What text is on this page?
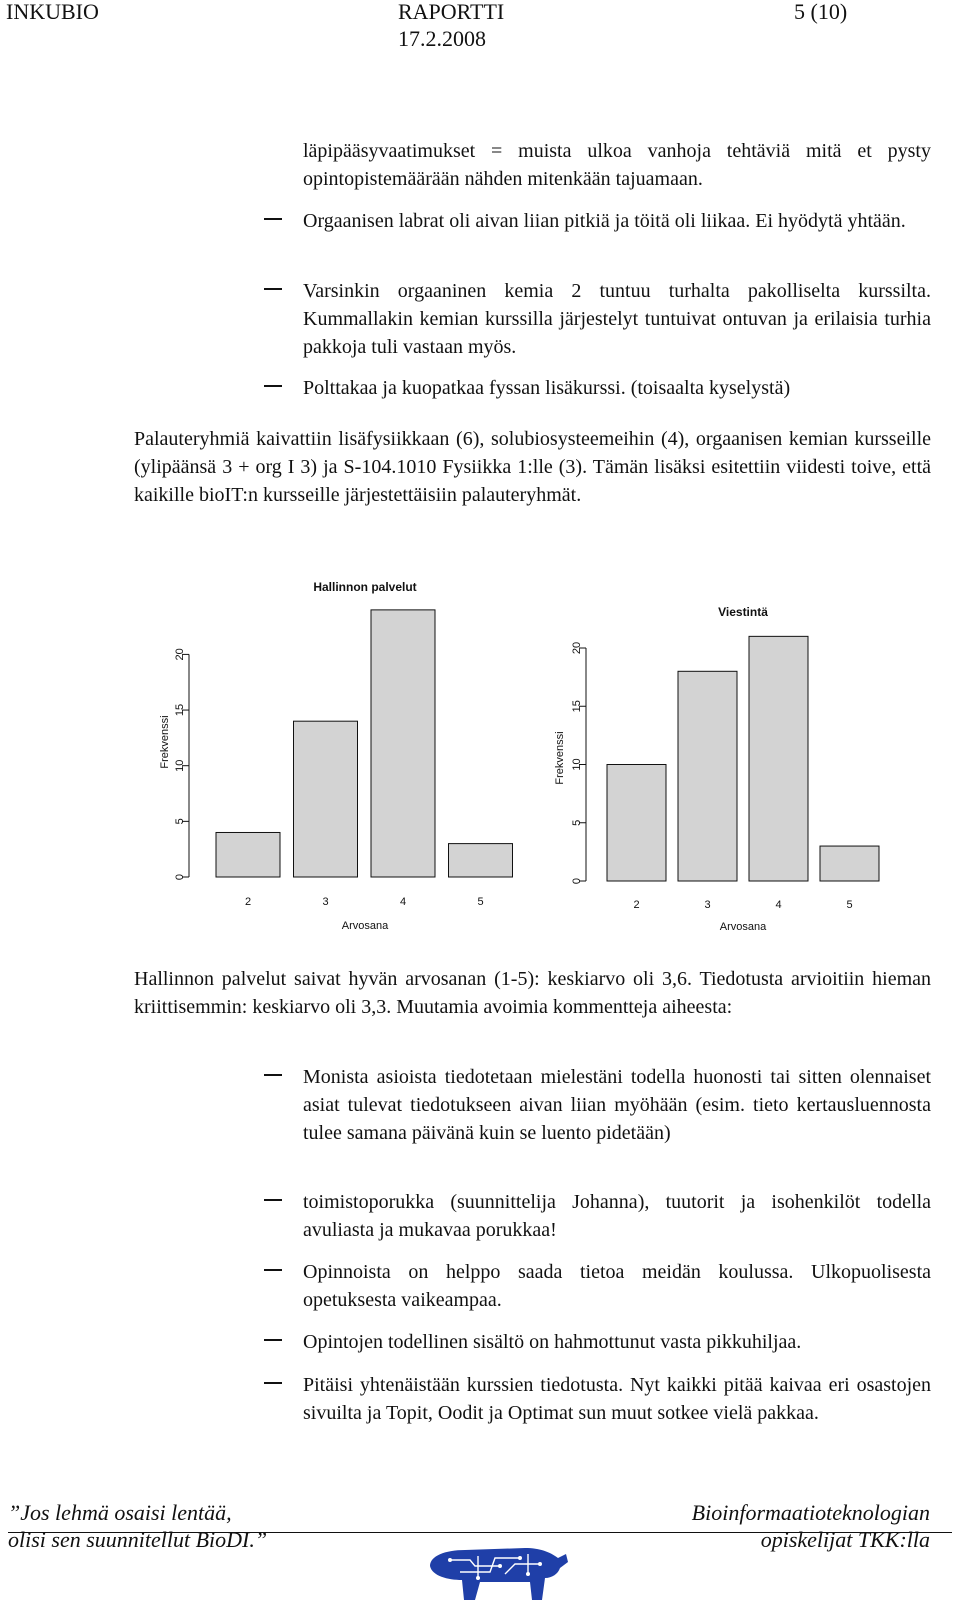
INKUBIO	RAPORTTI	5 (10)
17.2.2008
läpipääsyvaatimukset = muista ulkoa vanhoja tehtäviä mitä et pysty opintopistemäärään nähden mitenkään tajuamaan.
Orgaanisen labrat oli aivan liian pitkiä ja töitä oli liikaa. Ei hyödytä yhtään.
Varsinkin orgaaninen kemia 2 tuntuu turhalta pakolliselta kurssilta. Kummallakin kemian kurssilla järjestelyt tuntuivat ontuvan ja erilaisia turhia pakkoja tuli vastaan myös.
Polttakaa ja kuopatkaa fyssan lisäkurssi. (toisaalta kyselystä)
Palauteryhmiä kaivattiin lisäfysiikkaan (6), solubiosysteemeihin (4), orgaanisen kemian kursseille (ylipäänsä 3 + org I 3) ja S-104.1010 Fysiikka 1:lle (3). Tämän lisäksi esitettiin viidesti toive, että kaikille bioIT:n kursseille järjestettäisiin palauteryhmät.
Hallinnon palvelut
0
5
10
15
20
Frekvenssi
2	3	4	5
Arvosana
Viestintä
0
5
10
15
20
Frekvenssi
2	3	4	5
Arvosana
Hallinnon palvelut saivat hyvän arvosanan (1-5): keskiarvo oli 3,6. Tiedotusta arvioitiin hieman kriittisemmin: keskiarvo oli 3,3. Muutamia avoimia kommentteja aiheesta:
Monista asioista tiedotetaan mielestäni todella huonosti tai sitten olennaiset asiat tulevat tiedotukseen aivan liian myöhään (esim. tieto kertausluennosta tulee samana päivänä kuin se luento pidetään)
toimistoporukka (suunnittelija Johanna), tuutorit ja isohenkilöt todella avuliasta ja mukavaa porukkaa!
Opinnoista on helppo saada tietoa meidän koulussa. Ulkopuolisesta opetuksesta vaikeampaa.
Opintojen todellinen sisältö on hahmottunut vasta pikkuhiljaa.
Pitäisi yhtenäistään kurssien tiedotusta. Nyt kaikki pitää kaivaa eri osastojen sivuilta ja Topit, Oodit ja Optimat sun muut sotkee vielä pakkaa.
”Jos lehmä osaisi lentää,
olisi sen suunnitellut BioDI.”
Bioinformaatioteknologian
opiskelijat TKK:lla
